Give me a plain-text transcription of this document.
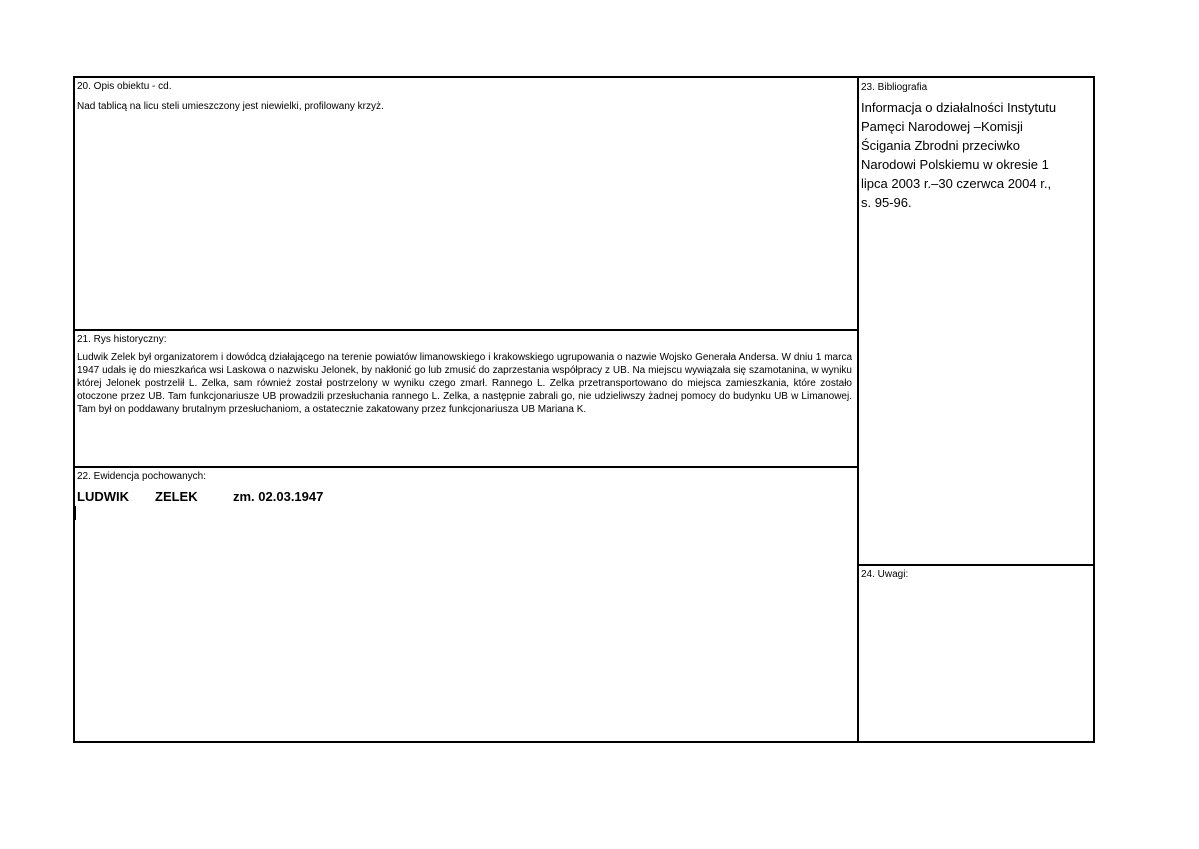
20. Opis obiektu - cd.
Nad tablicą na licu steli umieszczony jest niewielki, profilowany krzyż.
21. Rys historyczny:
Ludwik Zelek był organizatorem i dowódcą działającego na terenie powiatów limanowskiego i krakowskiego ugrupowania o nazwie Wojsko Generała Andersa. W dniu 1 marca 1947 udałs ię do mieszkańca wsi Laskowa o nazwisku Jelonek, by nakłonić go lub zmusić do zaprzestania współpracy z UB. Na miejscu wywiązała się szamotanina, w wyniku której Jelonek postrzelił L. Zelka, sam również został postrzelony w wyniku czego zmarł. Rannego L. Zelka przetransportowano do miejsca zamieszkania, które zostało otoczone przez UB. Tam funkcjonariusze UB prowadzili przesłuchania rannego L. Zelka, a następnie zabrali go, nie udzieliwszy żadnej pomocy do budynku UB w Limanowej. Tam był on poddawany brutalnym przesłuchaniom, a ostatecznie zakatowany przez funkcjonariusza UB Mariana K.
22. Ewidencja pochowanych:
LUDWIK ZELEK	zm. 02.03.1947
23. Bibliografia
Informacja o działalności Instytutu Pamęci Narodowej –Komisji Ścigania Zbrodni przeciwko Narodowi Polskiemu w okresie 1 lipca 2003 r.–30 czerwca 2004 r., s. 95-96.
24. Uwagi:
